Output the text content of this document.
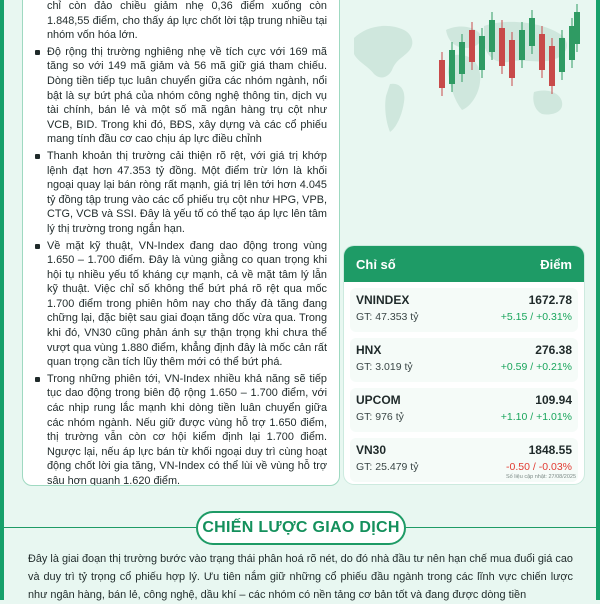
chỉ còn đảo chiều giảm nhẹ 0,36 điểm xuống còn 1.848,55 điểm, cho thấy áp lực chốt lời tập trung nhiều tại nhóm vốn hóa lớn.
Độ rộng thị trường nghiêng nhẹ về tích cực với 169 mã tăng so với 149 mã giảm và 56 mã giữ giá tham chiếu. Dòng tiền tiếp tục luân chuyển giữa các nhóm ngành, nổi bật là sự bứt phá của nhóm công nghệ thông tin, dịch vụ tài chính, bán lẻ và một số mã ngân hàng trụ cột như VCB, BID. Trong khi đó, BĐS, xây dựng và các cổ phiếu mang tính đầu cơ cao chịu áp lực điều chỉnh
Thanh khoản thị trường cải thiện rõ rệt, với giá trị khớp lệnh đạt hơn 47.353 tỷ đồng. Một điểm trừ lớn là khối ngoại quay lại bán ròng rất mạnh, giá trị lên tới hơn 4.045 tỷ đồng tập trung vào các cổ phiếu trụ cột như HPG, VPB, CTG, VCB và SSI. Đây là yếu tố có thể tạo áp lực lên tâm lý thị trường trong ngắn hạn.
Về mặt kỹ thuật, VN-Index đang dao động trong vùng 1.650 – 1.700 điểm. Đây là vùng giằng co quan trọng khi hội tụ nhiều yếu tố kháng cự mạnh, cả về mặt tâm lý lẫn kỹ thuật. Việc chỉ số không thể bứt phá rõ rệt qua mốc 1.700 điểm trong phiên hôm nay cho thấy đà tăng đang chững lại, đặc biệt sau giai đoạn tăng dốc vừa qua. Trong khi đó, VN30 cũng phản ánh sự thận trọng khi chưa thể vượt qua vùng 1.880 điểm, khẳng định đây là mốc cản rất quan trọng cần tích lũy thêm mới có thể bứt phá.
Trong những phiên tới, VN-Index nhiều khả năng sẽ tiếp tục dao động trong biên độ rộng 1.650 – 1.700 điểm, với các nhịp rung lắc mạnh khi dòng tiền luân chuyển giữa các nhóm ngành. Nếu giữ được vùng hỗ trợ 1.650 điểm, thị trường vẫn còn cơ hội kiểm định lại 1.700 điểm. Ngược lại, nếu áp lực bán từ khối ngoại duy trì cùng hoạt động chốt lời gia tăng, VN-Index có thể lùi về vùng hỗ trợ sâu hơn quanh 1.620 điểm.
Chỉ số	Điểm
VNINDEX
GT: 47.353 tỷ
1672.78
+5.15 / +0.31%
HNX
GT: 3.019 tỷ
276.38
+0.59 / +0.21%
UPCOM
GT: 976 tỷ
109.94
+1.10 / +1.01%
VN30
GT: 25.479 tỷ
1848.55
-0.50 / -0.03%
Số liệu cập nhật: 27/08/2025
CHIẾN LƯỢC GIAO DỊCH
Đây là giai đoạn thị trường bước vào trạng thái phân hoá rõ nét, do đó nhà đầu tư nên hạn chế mua đuổi giá cao và duy trì tỷ trọng cổ phiếu hợp lý. Ưu tiên nắm giữ những cổ phiếu đầu ngành trong các lĩnh vực chiến lược như ngân hàng, bán lẻ, công nghệ, dầu khí – các nhóm có nền tảng cơ bản tốt và đang được dòng tiền
